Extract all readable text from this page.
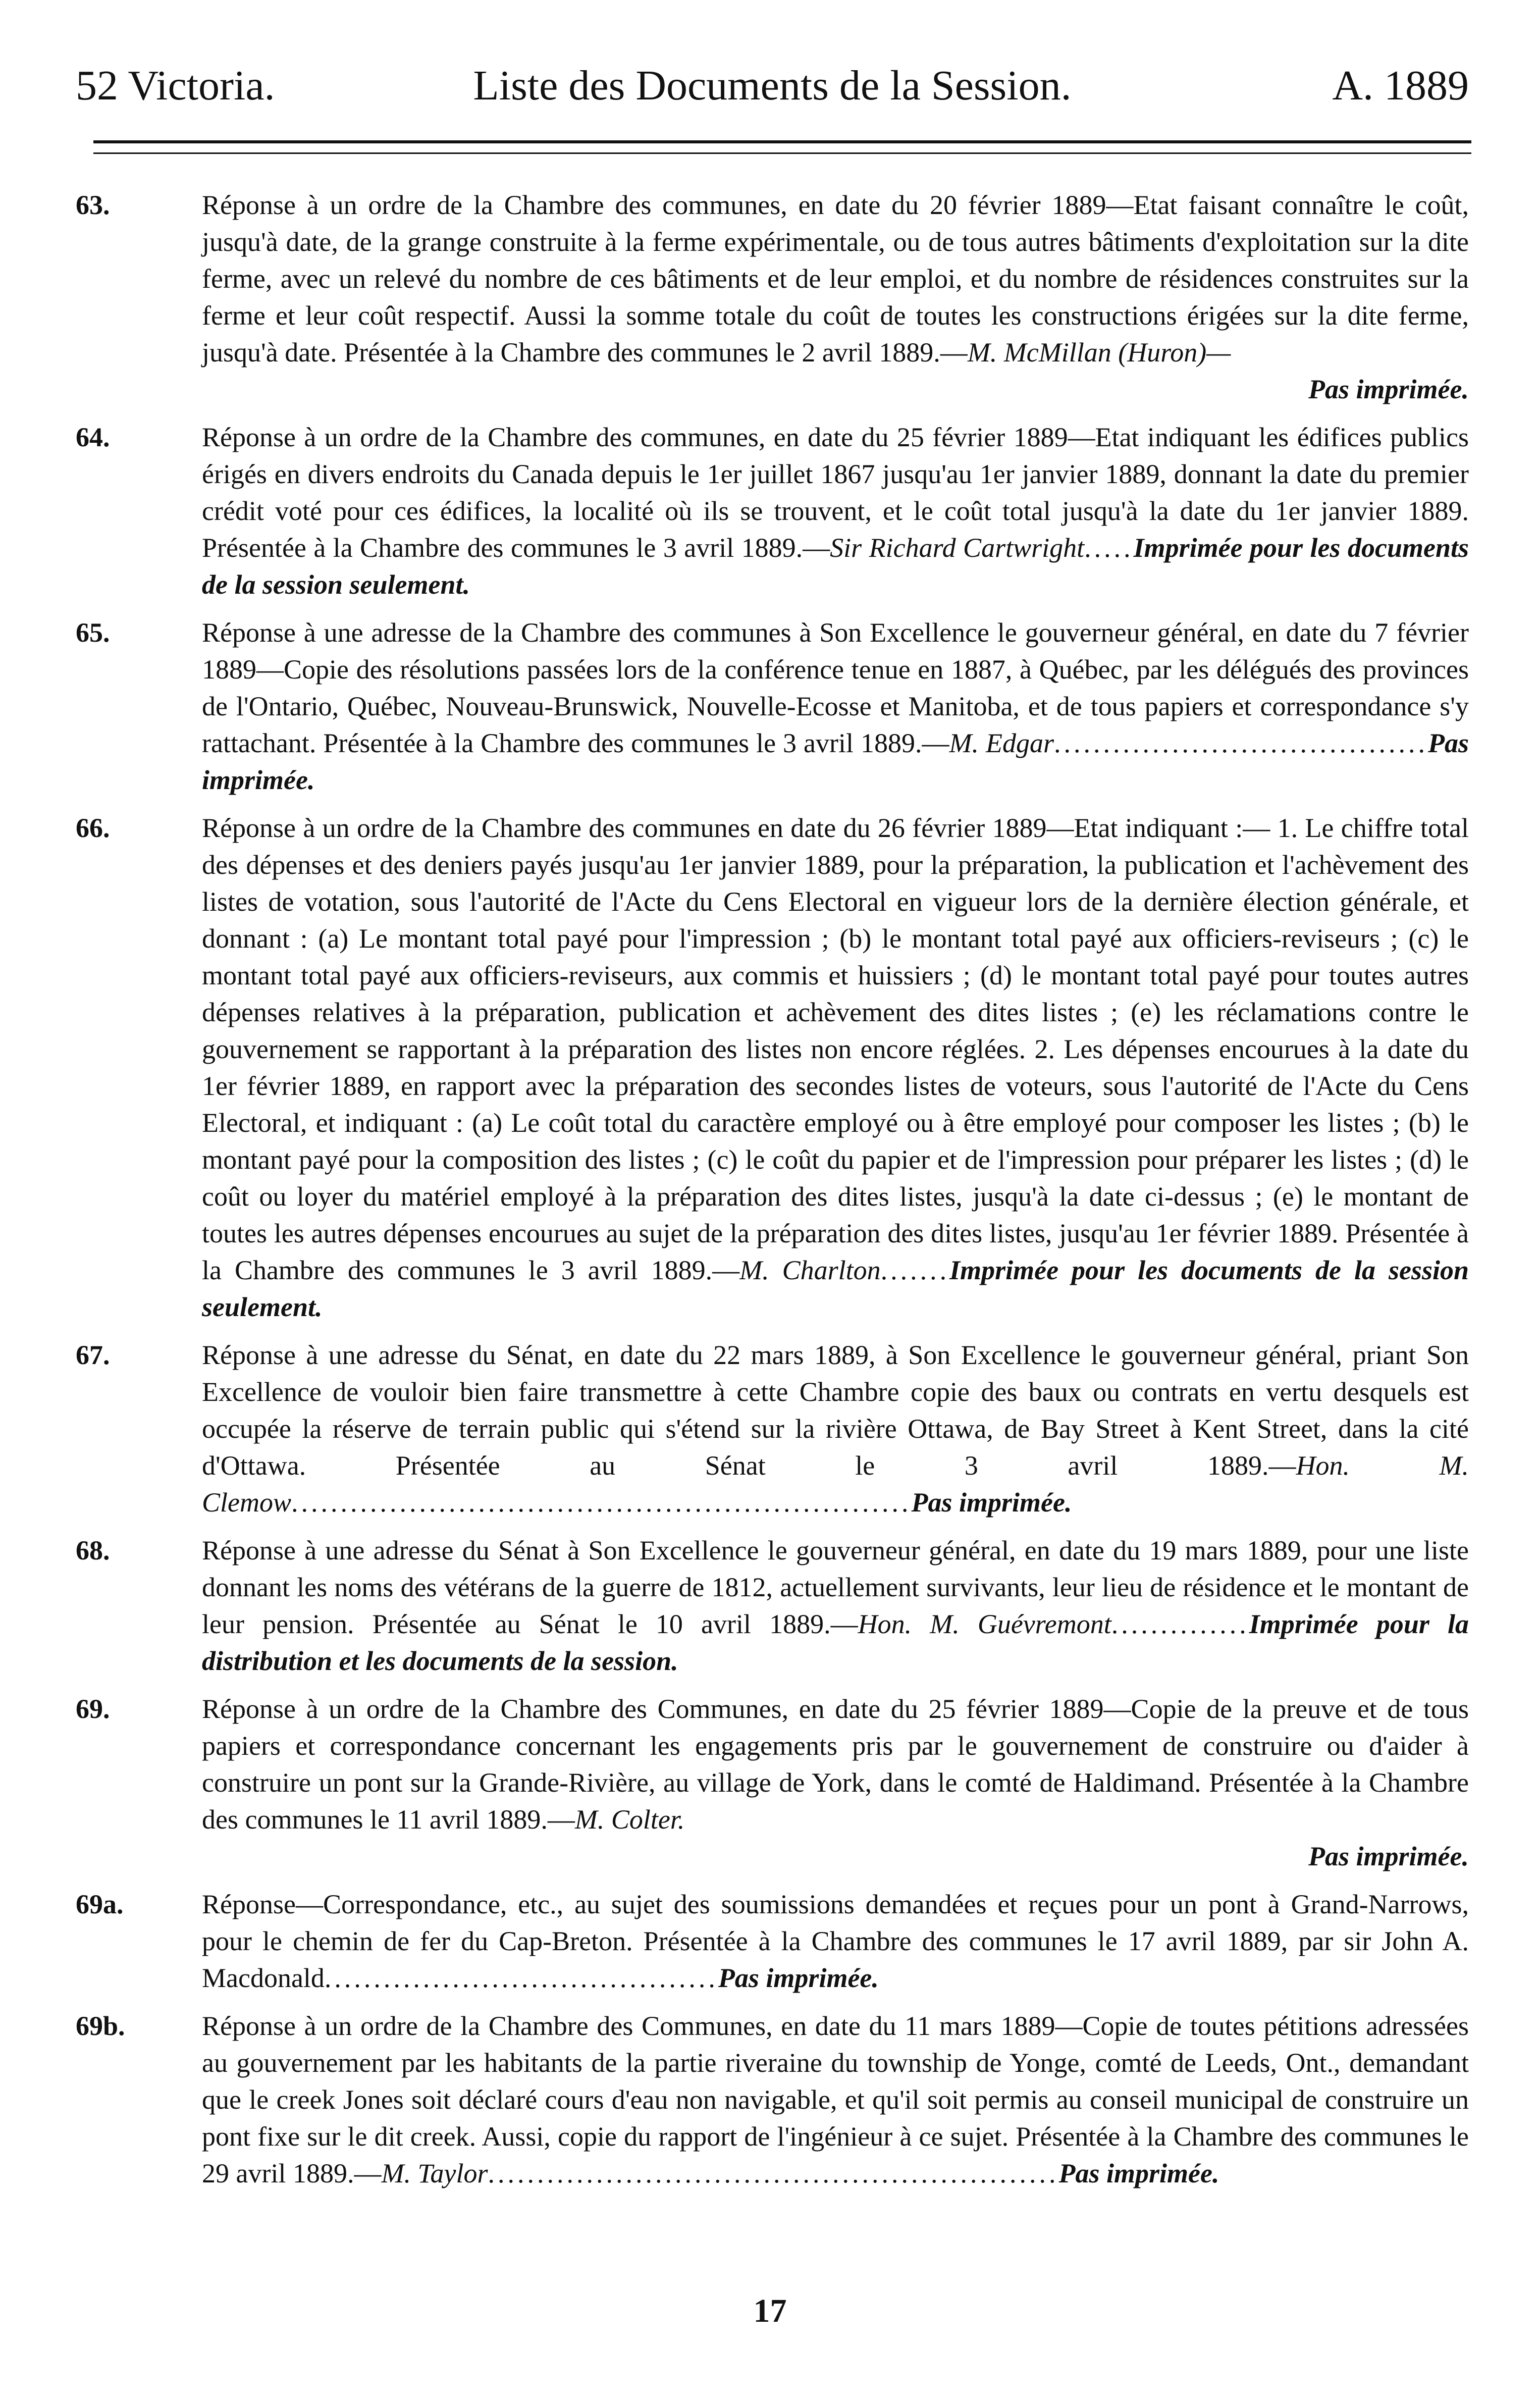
52 Victoria.	Liste des Documents de la Session.	A. 1889
63.	Réponse à un ordre de la Chambre des communes, en date du 20 février 1889—Etat faisant connaître le coût, jusqu'à date, de la grange construite à la ferme expérimentale, ou de tous autres bâtiments d'exploitation sur la dite ferme, avec un relevé du nombre de ces bâtiments et de leur emploi, et du nombre de résidences construites sur la ferme et leur coût respectif. Aussi la somme totale du coût de toutes les constructions érigées sur la dite ferme, jusqu'à date. Présentée à la Chambre des communes le 2 avril 1889.—M. McMillan (Huron)—
Pas imprimée.
64.	Réponse à un ordre de la Chambre des communes, en date du 25 février 1889—Etat indiquant les édifices publics érigés en divers endroits du Canada depuis le 1er juillet 1867 jusqu'au 1er janvier 1889, donnant la date du premier crédit voté pour ces édifices, la localité où ils se trouvent, et le coût total jusqu'à la date du 1er janvier 1889. Présentée à la Chambre des communes le 3 avril 1889.—Sir Richard Cartwright.....Imprimée pour les documents de la session seulement.
65.	Réponse à une adresse de la Chambre des communes à Son Excellence le gouverneur général, en date du 7 février 1889—Copie des résolutions passées lors de la conférence tenue en 1887, à Québec, par les délégués des provinces de l'Ontario, Québec, Nouveau-Brunswick, Nouvelle-Ecosse et Manitoba, et de tous papiers et correspondance s'y rattachant. Présentée à la Chambre des communes le 3 avril 1889.—M. Edgar......................................Pas imprimée.
66.	Réponse à un ordre de la Chambre des communes en date du 26 février 1889—Etat indiquant :— 1. Le chiffre total des dépenses et des deniers payés jusqu'au 1er janvier 1889, pour la préparation, la publication et l'achèvement des listes de votation, sous l'autorité de l'Acte du Cens Electoral en vigueur lors de la dernière élection générale, et donnant : (a) Le montant total payé pour l'impression ; (b) le montant total payé aux officiers-reviseurs ; (c) le montant total payé aux officiers-reviseurs, aux commis et huissiers ; (d) le montant total payé pour toutes autres dépenses relatives à la préparation, publication et achèvement des dites listes ; (e) les réclamations contre le gouvernement se rapportant à la préparation des listes non encore réglées. 2. Les dépenses encourues à la date du 1er février 1889, en rapport avec la préparation des secondes listes de voteurs, sous l'autorité de l'Acte du Cens Electoral, et indiquant : (a) Le coût total du caractère employé ou à être employé pour composer les listes ; (b) le montant payé pour la composition des listes ; (c) le coût du papier et de l'impression pour préparer les listes ; (d) le coût ou loyer du matériel employé à la préparation des dites listes, jusqu'à la date ci-dessus ; (e) le montant de toutes les autres dépenses encourues au sujet de la préparation des dites listes, jusqu'au 1er février 1889. Présentée à la Chambre des communes le 3 avril 1889.—M. Charlton.......Imprimée pour les documents de la session seulement.
67.	Réponse à une adresse du Sénat, en date du 22 mars 1889, à Son Excellence le gouverneur général, priant Son Excellence de vouloir bien faire transmettre à cette Chambre copie des baux ou contrats en vertu desquels est occupée la réserve de terrain public qui s'étend sur la rivière Ottawa, de Bay Street à Kent Street, dans la cité d'Ottawa. Présentée au Sénat le 3 avril 1889.—Hon. M. Clemow...............................................................Pas imprimée.
68.	Réponse à une adresse du Sénat à Son Excellence le gouverneur général, en date du 19 mars 1889, pour une liste donnant les noms des vétérans de la guerre de 1812, actuellement survivants, leur lieu de résidence et le montant de leur pension. Présentée au Sénat le 10 avril 1889.—Hon. M. Guévremont..............Imprimée pour la distribution et les documents de la session.
69.	Réponse à un ordre de la Chambre des Communes, en date du 25 février 1889—Copie de la preuve et de tous papiers et correspondance concernant les engagements pris par le gouvernement de construire ou d'aider à construire un pont sur la Grande-Rivière, au village de York, dans le comté de Haldimand. Présentée à la Chambre des communes le 11 avril 1889.—M. Colter.
Pas imprimée.
69a.	Réponse—Correspondance, etc., au sujet des soumissions demandées et reçues pour un pont à Grand-Narrows, pour le chemin de fer du Cap-Breton. Présentée à la Chambre des communes le 17 avril 1889, par sir John A. Macdonald........................................Pas imprimée.
69b.	Réponse à un ordre de la Chambre des Communes, en date du 11 mars 1889—Copie de toutes pétitions adressées au gouvernement par les habitants de la partie riveraine du township de Yonge, comté de Leeds, Ont., demandant que le creek Jones soit déclaré cours d'eau non navigable, et qu'il soit permis au conseil municipal de construire un pont fixe sur le dit creek. Aussi, copie du rapport de l'ingénieur à ce sujet. Présentée à la Chambre des communes le 29 avril 1889.—M. Taylor..........................................................Pas imprimée.
17
